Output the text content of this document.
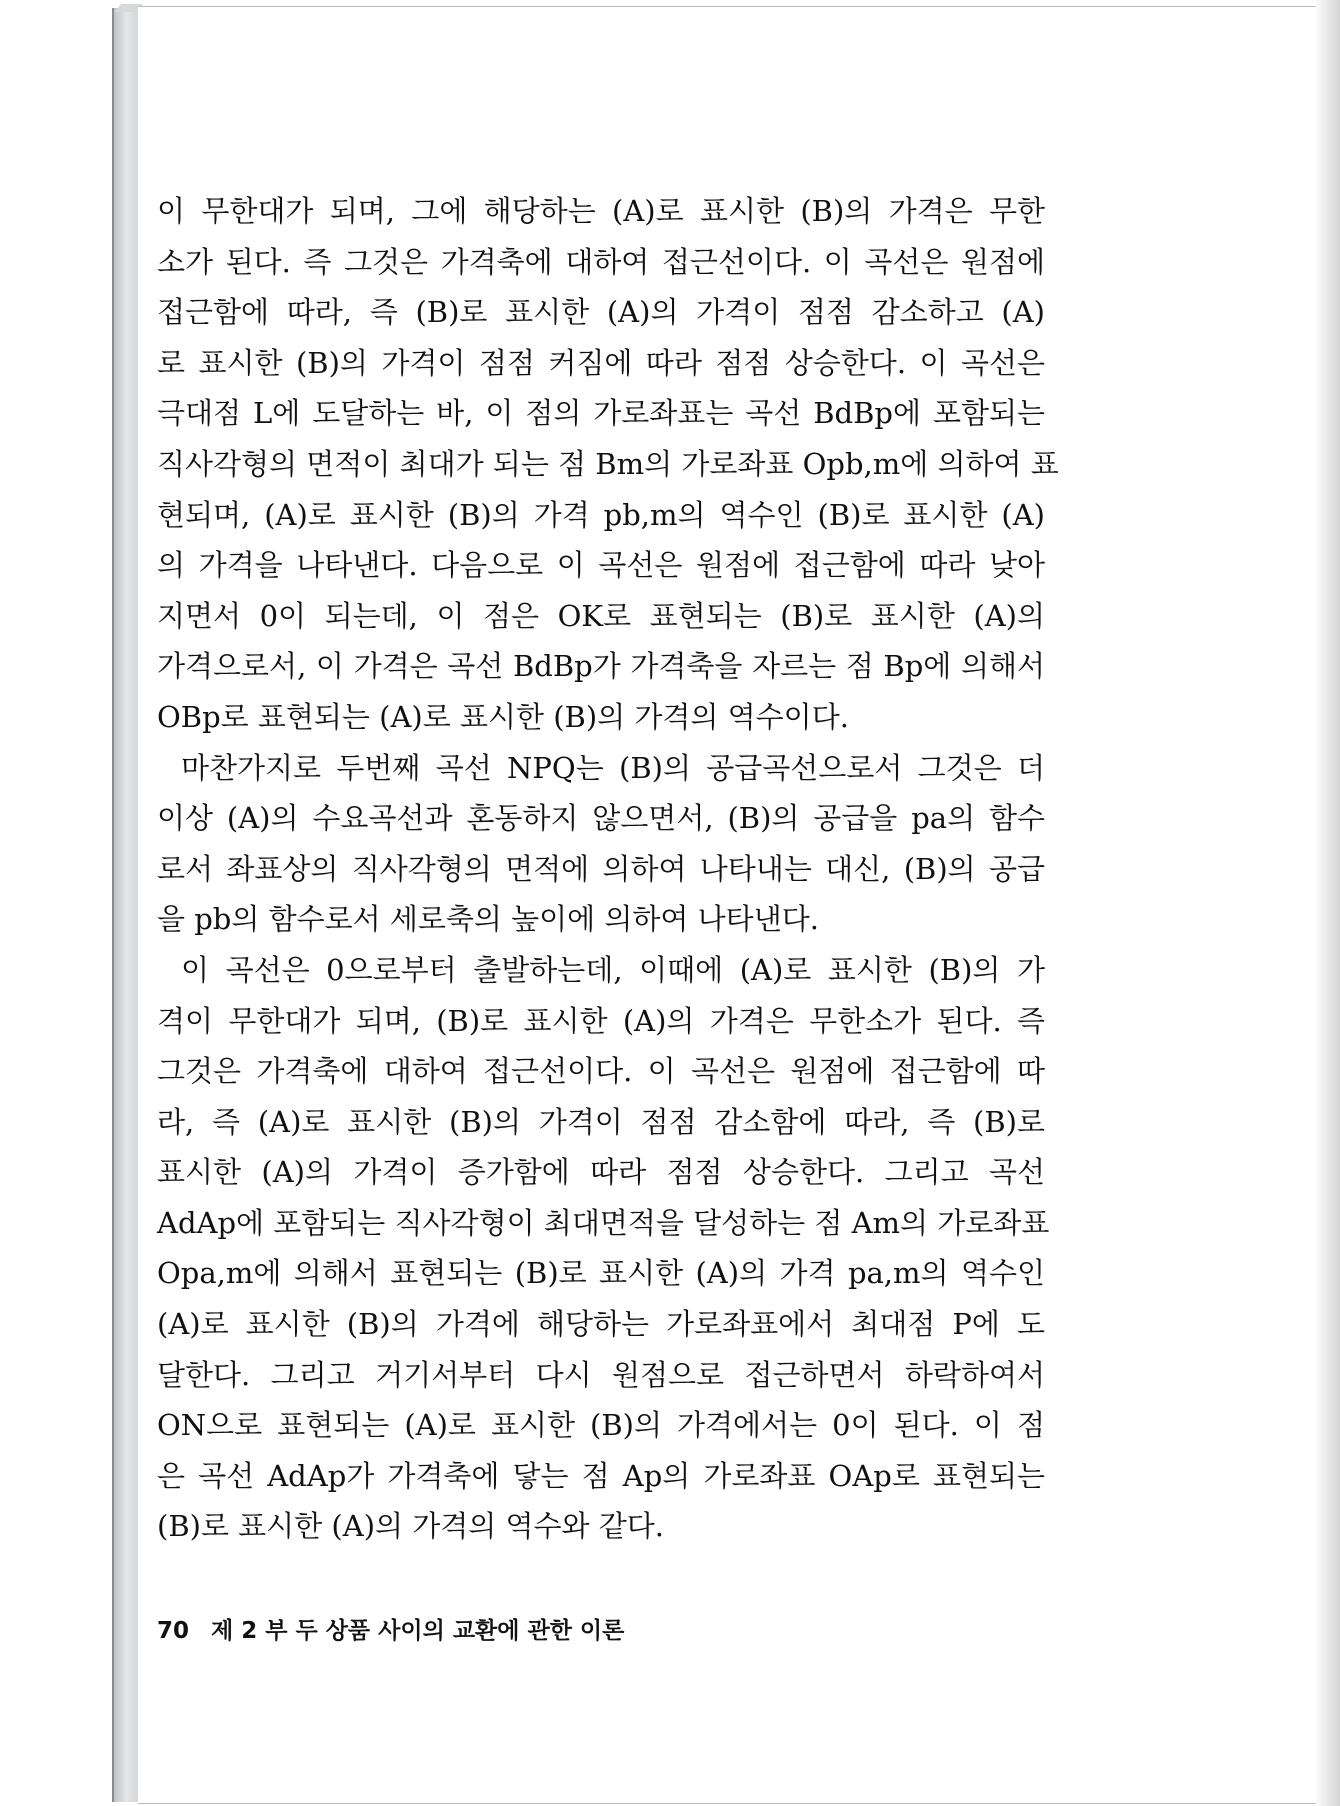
이 무한대가 되며, 그에 해당하는 (A)로 표시한 (B)의 가격은 무한
소가 된다. 즉 그것은 가격축에 대하여 접근선이다. 이 곡선은 원점에
접근함에 따라, 즉 (B)로 표시한 (A)의 가격이 점점 감소하고 (A)
로 표시한 (B)의 가격이 점점 커짐에 따라 점점 상승한다. 이 곡선은
극대점 L에 도달하는 바, 이 점의 가로좌표는 곡선 BdBp에 포함되는
직사각형의 면적이 최대가 되는 점 Bm의 가로좌표 Opb,m에 의하여 표
현되며, (A)로 표시한 (B)의 가격 pb,m의 역수인 (B)로 표시한 (A)
의 가격을 나타낸다. 다음으로 이 곡선은 원점에 접근함에 따라 낮아
지면서 0이 되는데, 이 점은 OK로 표현되는 (B)로 표시한 (A)의
가격으로서, 이 가격은 곡선 BdBp가 가격축을 자르는 점 Bp에 의해서
OBp로 표현되는 (A)로 표시한 (B)의 가격의 역수이다.
마찬가지로 두번째 곡선 NPQ는 (B)의 공급곡선으로서 그것은 더
이상 (A)의 수요곡선과 혼동하지 않으면서, (B)의 공급을 pa의 함수
로서 좌표상의 직사각형의 면적에 의하여 나타내는 대신, (B)의 공급
을 pb의 함수로서 세로축의 높이에 의하여 나타낸다.
이 곡선은 0으로부터 출발하는데, 이때에 (A)로 표시한 (B)의 가
격이 무한대가 되며, (B)로 표시한 (A)의 가격은 무한소가 된다. 즉
그것은 가격축에 대하여 접근선이다. 이 곡선은 원점에 접근함에 따
라, 즉 (A)로 표시한 (B)의 가격이 점점 감소함에 따라, 즉 (B)로
표시한 (A)의 가격이 증가함에 따라 점점 상승한다. 그리고 곡선
AdAp에 포함되는 직사각형이 최대면적을 달성하는 점 Am의 가로좌표
Opa,m에 의해서 표현되는 (B)로 표시한 (A)의 가격 pa,m의 역수인
(A)로 표시한 (B)의 가격에 해당하는 가로좌표에서 최대점 P에 도
달한다. 그리고 거기서부터 다시 원점으로 접근하면서 하락하여서
ON으로 표현되는 (A)로 표시한 (B)의 가격에서는 0이 된다. 이 점
은 곡선 AdAp가 가격축에 닿는 점 Ap의 가로좌표 OAp로 표현되는
(B)로 표시한 (A)의 가격의 역수와 같다.
70 제 2 부 두 상품 사이의 교환에 관한 이론
